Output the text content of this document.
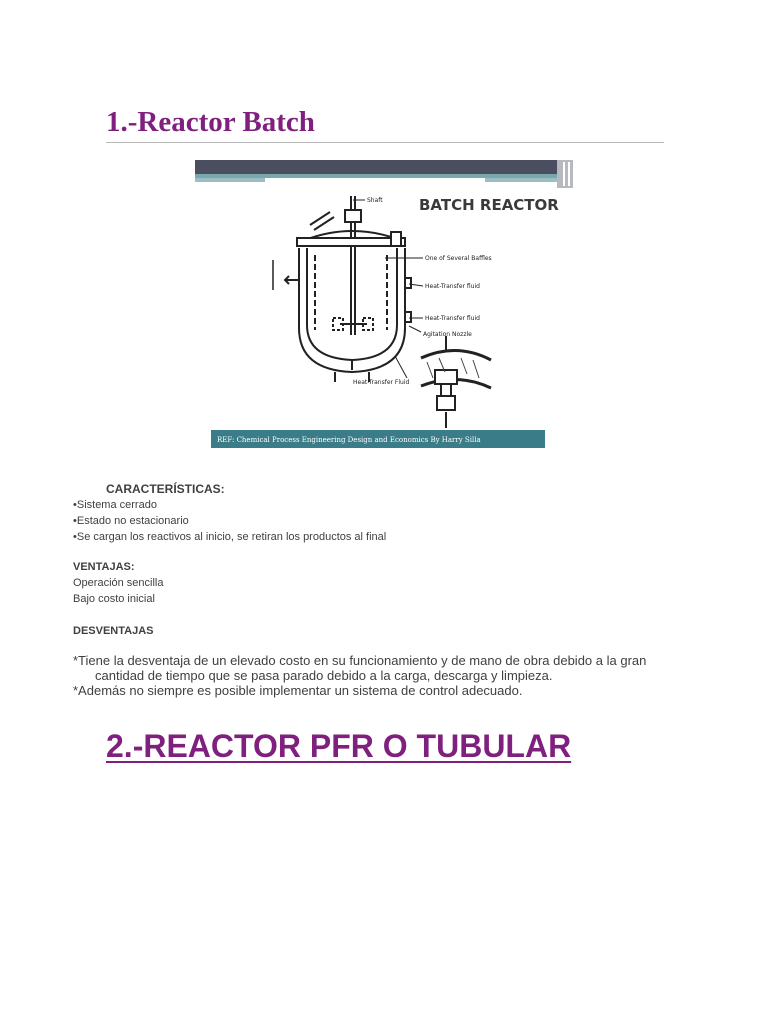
1.-Reactor Batch
BATCH REACTOR
Shaft
One of Several Baffles
Heat-Transfer fluid
Heat-Transfer fluid
Agitation Nozzle
Heat-Transfer Fluid
REF: Chemical Process Engineering Design and Economics By Harry Silla
CARACTERÍSTICAS:
•Sistema cerrado
•Estado no estacionario
•Se cargan los reactivos al inicio, se retiran los productos al final
VENTAJAS:
Operación sencilla
Bajo costo inicial
DESVENTAJAS
*Tiene la desventaja de un elevado costo en su funcionamiento y de mano de obra debido a la gran
cantidad de tiempo que se pasa parado debido a la carga, descarga y limpieza.
*Además no siempre es posible implementar un sistema de control adecuado.
2.-REACTOR PFR O TUBULAR
